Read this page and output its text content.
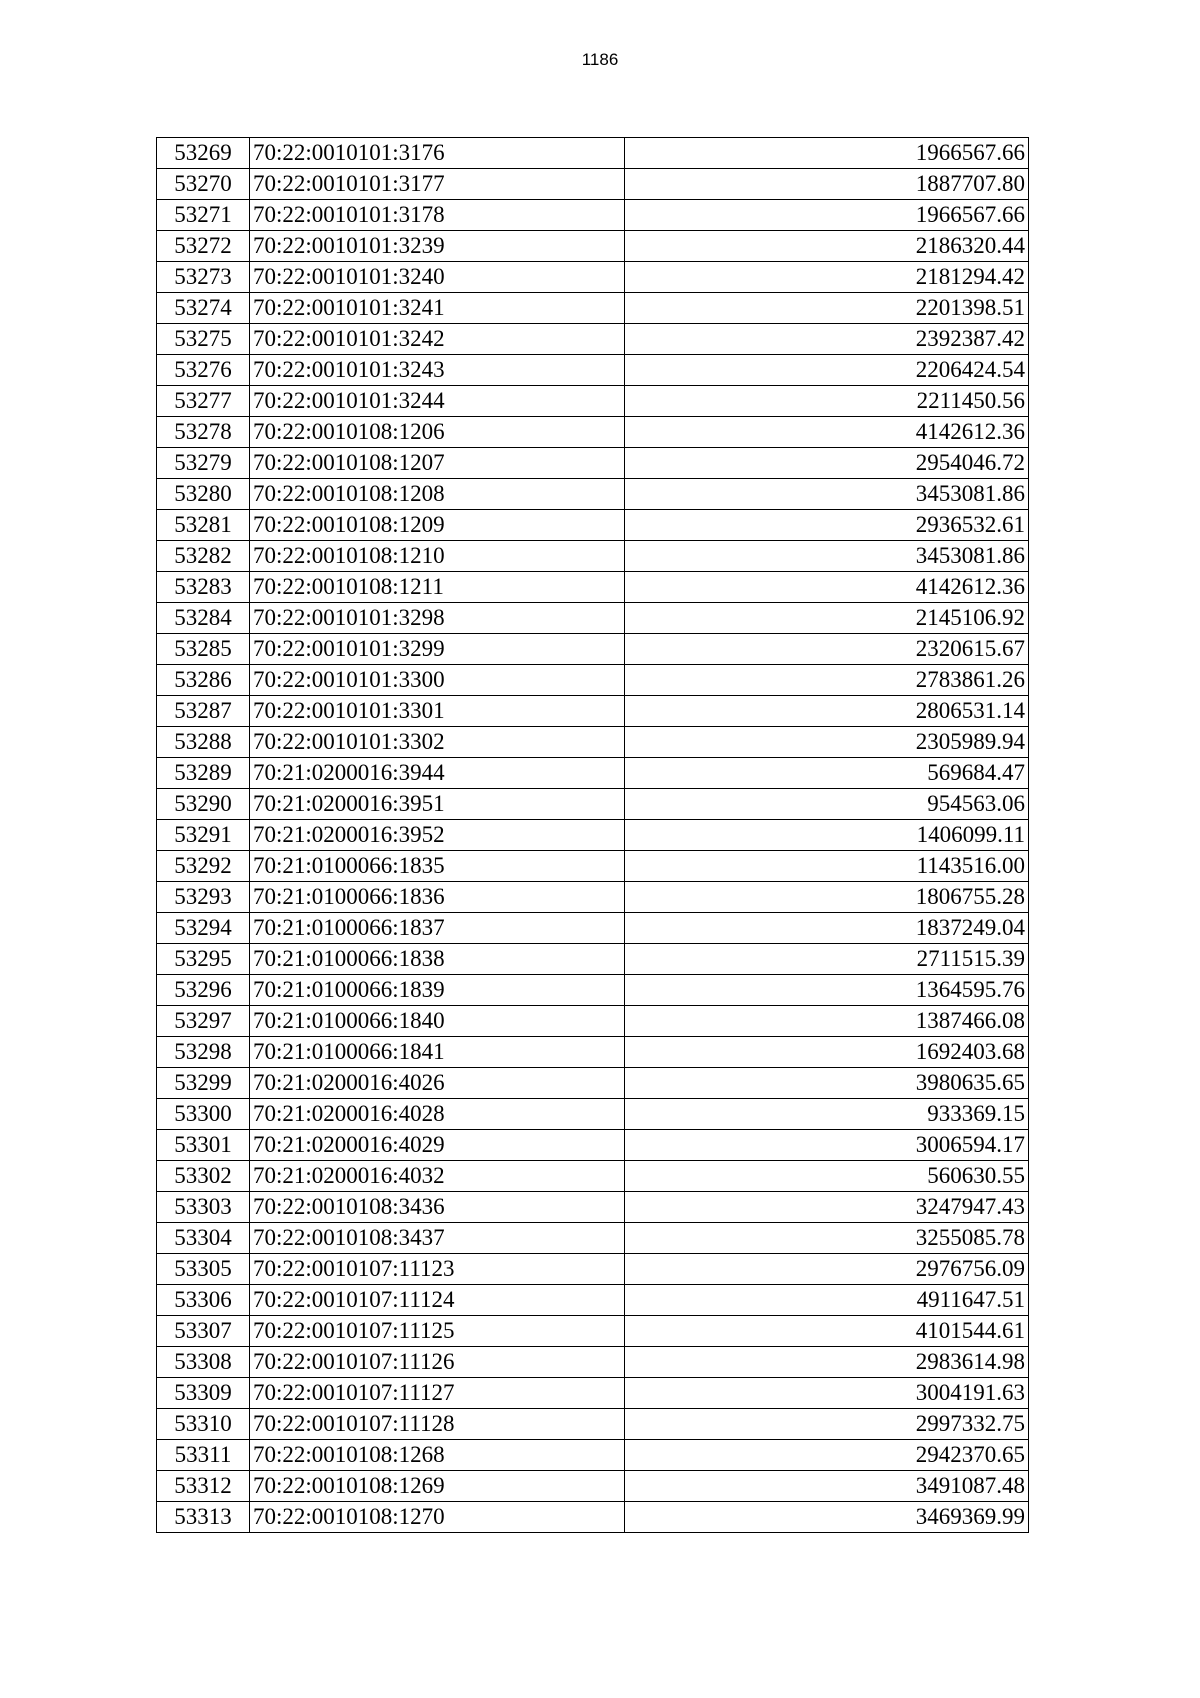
1186
53269	70:22:0010101:3176	1966567.66
53270	70:22:0010101:3177	1887707.80
53271	70:22:0010101:3178	1966567.66
53272	70:22:0010101:3239	2186320.44
53273	70:22:0010101:3240	2181294.42
53274	70:22:0010101:3241	2201398.51
53275	70:22:0010101:3242	2392387.42
53276	70:22:0010101:3243	2206424.54
53277	70:22:0010101:3244	2211450.56
53278	70:22:0010108:1206	4142612.36
53279	70:22:0010108:1207	2954046.72
53280	70:22:0010108:1208	3453081.86
53281	70:22:0010108:1209	2936532.61
53282	70:22:0010108:1210	3453081.86
53283	70:22:0010108:1211	4142612.36
53284	70:22:0010101:3298	2145106.92
53285	70:22:0010101:3299	2320615.67
53286	70:22:0010101:3300	2783861.26
53287	70:22:0010101:3301	2806531.14
53288	70:22:0010101:3302	2305989.94
53289	70:21:0200016:3944	569684.47
53290	70:21:0200016:3951	954563.06
53291	70:21:0200016:3952	1406099.11
53292	70:21:0100066:1835	1143516.00
53293	70:21:0100066:1836	1806755.28
53294	70:21:0100066:1837	1837249.04
53295	70:21:0100066:1838	2711515.39
53296	70:21:0100066:1839	1364595.76
53297	70:21:0100066:1840	1387466.08
53298	70:21:0100066:1841	1692403.68
53299	70:21:0200016:4026	3980635.65
53300	70:21:0200016:4028	933369.15
53301	70:21:0200016:4029	3006594.17
53302	70:21:0200016:4032	560630.55
53303	70:22:0010108:3436	3247947.43
53304	70:22:0010108:3437	3255085.78
53305	70:22:0010107:11123	2976756.09
53306	70:22:0010107:11124	4911647.51
53307	70:22:0010107:11125	4101544.61
53308	70:22:0010107:11126	2983614.98
53309	70:22:0010107:11127	3004191.63
53310	70:22:0010107:11128	2997332.75
53311	70:22:0010108:1268	2942370.65
53312	70:22:0010108:1269	3491087.48
53313	70:22:0010108:1270	3469369.99
